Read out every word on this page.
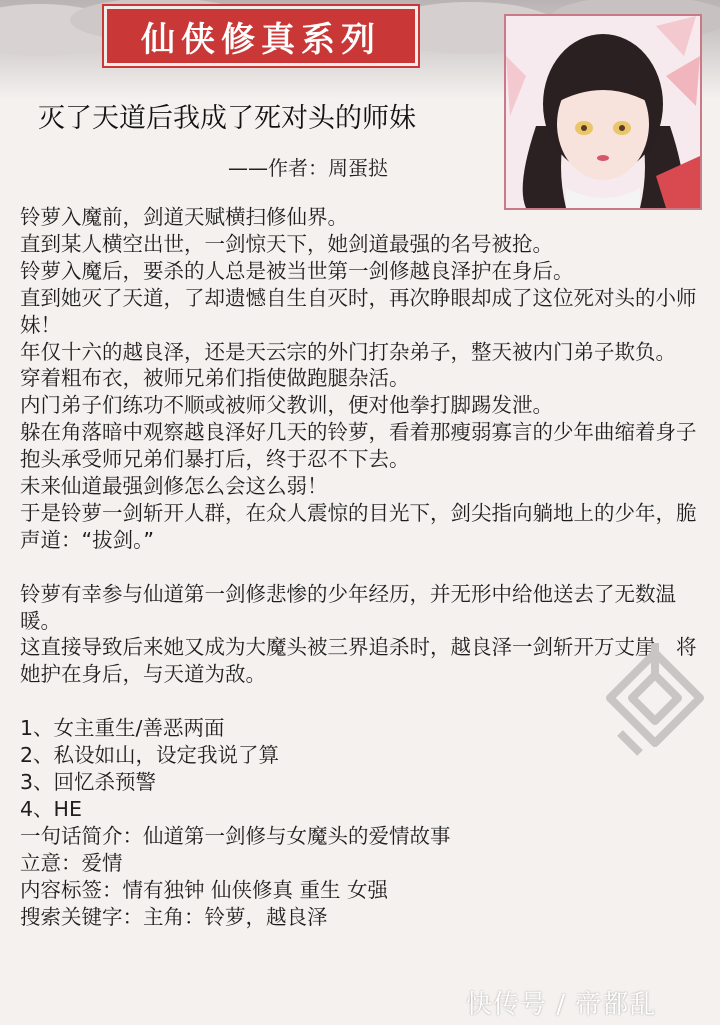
仙侠修真系列
灭了天道后我成了死对头的师妹
——作者：周蛋挞

铃萝入魔前，剑道天赋横扫修仙界。

直到某人横空出世，一剑惊天下，她剑道最强的名号被抢。

铃萝入魔后，要杀的人总是被当世第一剑修越良泽护在身后。

直到她灭了天道，了却遗憾自生自灭时，再次睁眼却成了这位死对头的小师妹！

年仅十六的越良泽，还是天云宗的外门打杂弟子，整天被内门弟子欺负。

穿着粗布衣，被师兄弟们指使做跑腿杂活。

内门弟子们练功不顺或被师父教训，便对他拳打脚踢发泄。

躲在角落暗中观察越良泽好几天的铃萝，看着那瘦弱寡言的少年曲缩着身子抱头承受师兄弟们暴打后，终于忍不下去。

未来仙道最强剑修怎么会这么弱！

于是铃萝一剑斩开人群，在众人震惊的目光下，剑尖指向躺地上的少年，脆声道：“拔剑。”

铃萝有幸参与仙道第一剑修悲惨的少年经历，并无形中给他送去了无数温暖。

这直接导致后来她又成为大魔头被三界追杀时，越良泽一剑斩开万丈崖，将她护在身后，与天道为敌。

1、女主重生/善恶两面

2、私设如山，设定我说了算

3、回忆杀预警

4、HE

一句话简介：仙道第一剑修与女魔头的爱情故事

立意：爱情

内容标签：情有独钟 仙侠修真 重生 女强

搜索关键字：主角：铃萝，越良泽

快传号 / 帝都乱
